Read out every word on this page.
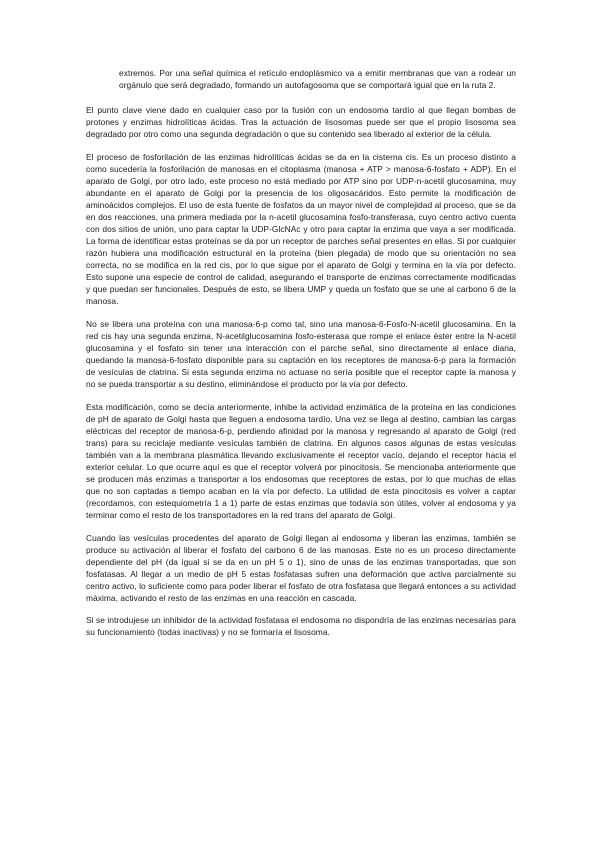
extremos. Por una señal química el retículo endoplásmico va a emitir membranas que van a rodear un orgánulo que será degradado, formando un autofagosoma que se comportará igual que en la ruta 2.

El punto clave viene dado en cualquier caso por la fusión con un endosoma tardío al que llegan bombas de protones y enzimas hidrolíticas ácidas. Tras la actuación de lisosomas puede ser que el propio lisosoma sea degradado por otro como una segunda degradación o que su contenido sea liberado al exterior de la célula.

El proceso de fosforilación de las enzimas hidrolíticas ácidas se da en la cisterna cis. Es un proceso distinto a como sucedería la fosforilación de manosas en el citoplasma (manosa + ATP > manosa-6-fosfato + ADP). En el aparato de Golgi, por otro lado, este proceso no está mediado por ATP sino por UDP-n-acetil glucosamina, muy abundante en el aparato de Golgi por la presencia de los oligosacáridos. Esto permite la modificación de aminoácidos complejos. El uso de esta fuente de fosfatos da un mayor nivel de complejidad al proceso, que se da en dos reacciones, una primera mediada por la n-acetil glucosamina fosfo-transferasa, cuyo centro activo cuenta con dos sitios de unión, uno para captar la UDP-GlcNAc y otro para captar la enzima que vaya a ser modificada. La forma de identificar estas proteínas se da por un receptor de parches señal presentes en ellas. Si por cualquier razón hubiera una modificación estructural en la proteína (bien plegada) de modo que su orientación no sea correcta, no se modifica en la red cis, por lo que sigue por el aparato de Golgi y termina en la vía por defecto. Esto supone una especie de control de calidad, asegurando el transporte de enzimas correctamente modificadas y que puedan ser funcionales. Después de esto, se libera UMP y queda un fosfato que se une al carbono 6 de la manosa.

No se libera una proteína con una manosa-6-p como tal, sino una manosa-6-Fosfo-N-acetil glucosamina. En la red cis hay una segunda enzima, N-acetilglucosamina fosfo-esterasa que rompe el enlace éster entre la N-acetil glucosamina y el fosfato sin tener una interacción con el parche señal, sino directamente al enlace diana, quedando la manosa-6-fosfato disponible para su captación en los receptores de manosa-6-p para la formación de vesículas de clatrina. Si esta segunda enzima no actuase no sería posible que el receptor capte la manosa y no se pueda transportar a su destino, eliminándose el producto por la vía por defecto.

Esta modificación, como se decía anteriormente, inhibe la actividad enzimática de la proteína en las condiciones de pH de aparato de Golgi hasta que lleguen a endosoma tardío. Una vez se llega al destino, cambian las cargas eléctricas del receptor de manosa-6-p, perdiendo afinidad por la manosa y regresando al aparato de Golgi (red trans) para su reciclaje mediante vesículas también de clatrina. En algunos casos algunas de estas vesículas también van a la membrana plasmática llevando exclusivamente el receptor vacío, dejando el receptor hacia el exterior celular. Lo que ocurre aquí es que el receptor volverá por pinocitosis. Se mencionaba anteriormente que se producen más enzimas a transportar a los endosomas que receptores de estas, por lo que muchas de ellas que no son captadas a tiempo acaban en la vía por defecto. La utilidad de esta pinocitosis es volver a captar (recordamos, con estequiometría 1 a 1) parte de estas enzimas que todavía son útiles, volver al endosoma y ya terminar como el resto de los transportadores en la red trans del aparato de Golgi.

Cuando las vesículas procedentes del aparato de Golgi llegan al endosoma y liberan las enzimas, también se produce su activación al liberar el fosfato del carbono 6 de las manosas. Este no es un proceso directamente dependiente del pH (da igual si se da en un pH 5 o 1), sino de unas de las enzimas transportadas, que son fosfatasas. Al llegar a un medio de pH 5 estas fosfatasas sufren una deformación que activa parcialmente su centro activo, lo suficiente como para poder liberar el fosfato de otra fosfatasa que llegará entonces a su actividad máxima, activando el resto de las enzimas en una reacción en cascada.

Si se introdujese un inhibidor de la actividad fosfatasa el endosoma no dispondría de las enzimas necesarias para su funcionamiento (todas inactivas) y no se formaría el lisosoma.
